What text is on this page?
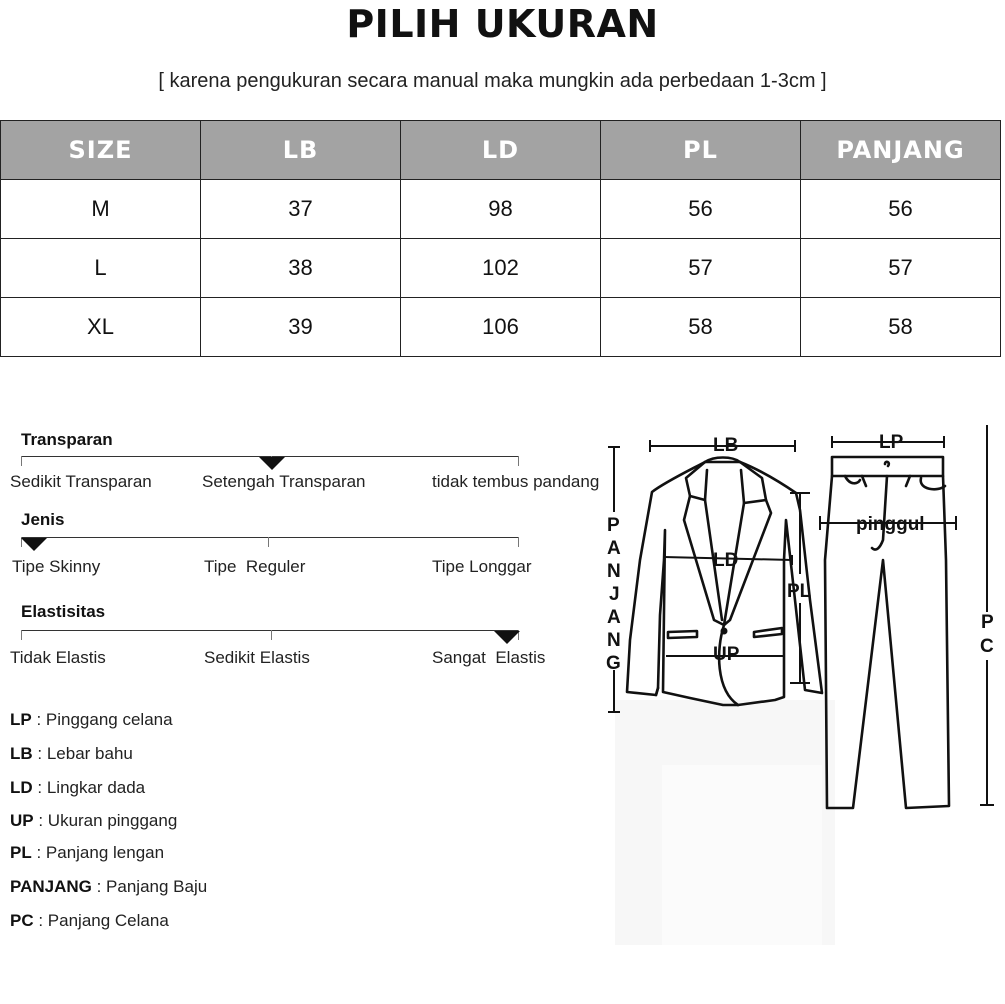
PILIH UKURAN
[ karena pengukuran secara manual maka mungkin ada perbedaan 1-3cm ]
SIZE	LB	LD	PL	PANJANG
M	37	98	56	56
L	38	102	57	57
XL	39	106	58	58
Transparan
Sedikit Transparan	Setengah Transparan	tidak tembus pandang
Jenis
Tipe Skinny	Tipe  Reguler	Tipe Longgar
Elastisitas
Tidak Elastis	Sedikit Elastis	Sangat  Elastis
LP : Pinggang celana
LB : Lebar bahu
LD : Lingkar dada
UP : Ukuran pinggang
PL : Panjang lengan
PANJANG : Panjang Baju
PC : Panjang Celana
LB	LP
pinggul
LD
UP
PL
P
A
N
J
A
N
G
P
C
